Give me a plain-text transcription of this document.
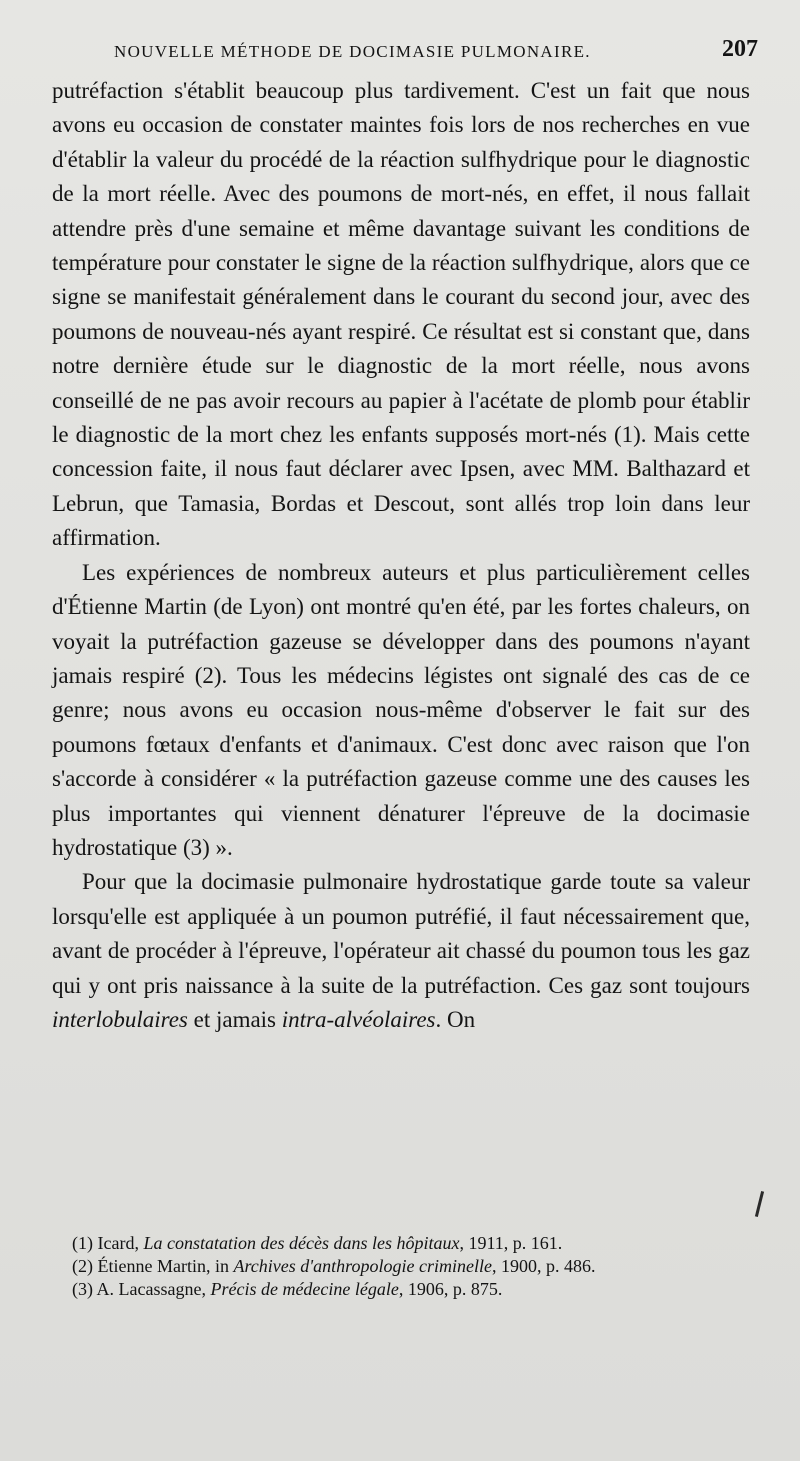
NOUVELLE MÉTHODE DE DOCIMASIE PULMONAIRE.	207

putréfaction s'établit beaucoup plus tardivement. C'est un fait que nous avons eu occasion de constater maintes fois lors de nos recherches en vue d'établir la valeur du procédé de la réaction sulfhydrique pour le diagnostic de la mort réelle. Avec des poumons de mort-nés, en effet, il nous fallait attendre près d'une semaine et même davantage suivant les conditions de température pour constater le signe de la réaction sulfhydrique, alors que ce signe se manifestait généralement dans le courant du second jour, avec des poumons de nouveau-nés ayant respiré. Ce résultat est si constant que, dans notre dernière étude sur le diagnostic de la mort réelle, nous avons conseillé de ne pas avoir recours au papier à l'acétate de plomb pour établir le diagnostic de la mort chez les enfants supposés mort-nés (1). Mais cette concession faite, il nous faut déclarer avec Ipsen, avec MM. Balthazard et Lebrun, que Tamasia, Bordas et Descout, sont allés trop loin dans leur affirmation.

Les expériences de nombreux auteurs et plus particulièrement celles d'Étienne Martin (de Lyon) ont montré qu'en été, par les fortes chaleurs, on voyait la putréfaction gazeuse se développer dans des poumons n'ayant jamais respiré (2). Tous les médecins légistes ont signalé des cas de ce genre; nous avons eu occasion nous-même d'observer le fait sur des poumons fœtaux d'enfants et d'animaux. C'est donc avec raison que l'on s'accorde à considérer « la putréfaction gazeuse comme une des causes les plus importantes qui viennent dénaturer l'épreuve de la docimasie hydrostatique (3) ».

Pour que la docimasie pulmonaire hydrostatique garde toute sa valeur lorsqu'elle est appliquée à un poumon putréfié, il faut nécessairement que, avant de procéder à l'épreuve, l'opérateur ait chassé du poumon tous les gaz qui y ont pris naissance à la suite de la putréfaction. Ces gaz sont toujours interlobulaires et jamais intra-alvéolaires. On

(1) Icard, La constatation des décès dans les hôpitaux, 1911, p. 161.

(2) Étienne Martin, in Archives d'anthropologie criminelle, 1900, p. 486.

(3) A. Lacassagne, Précis de médecine légale, 1906, p. 875.
